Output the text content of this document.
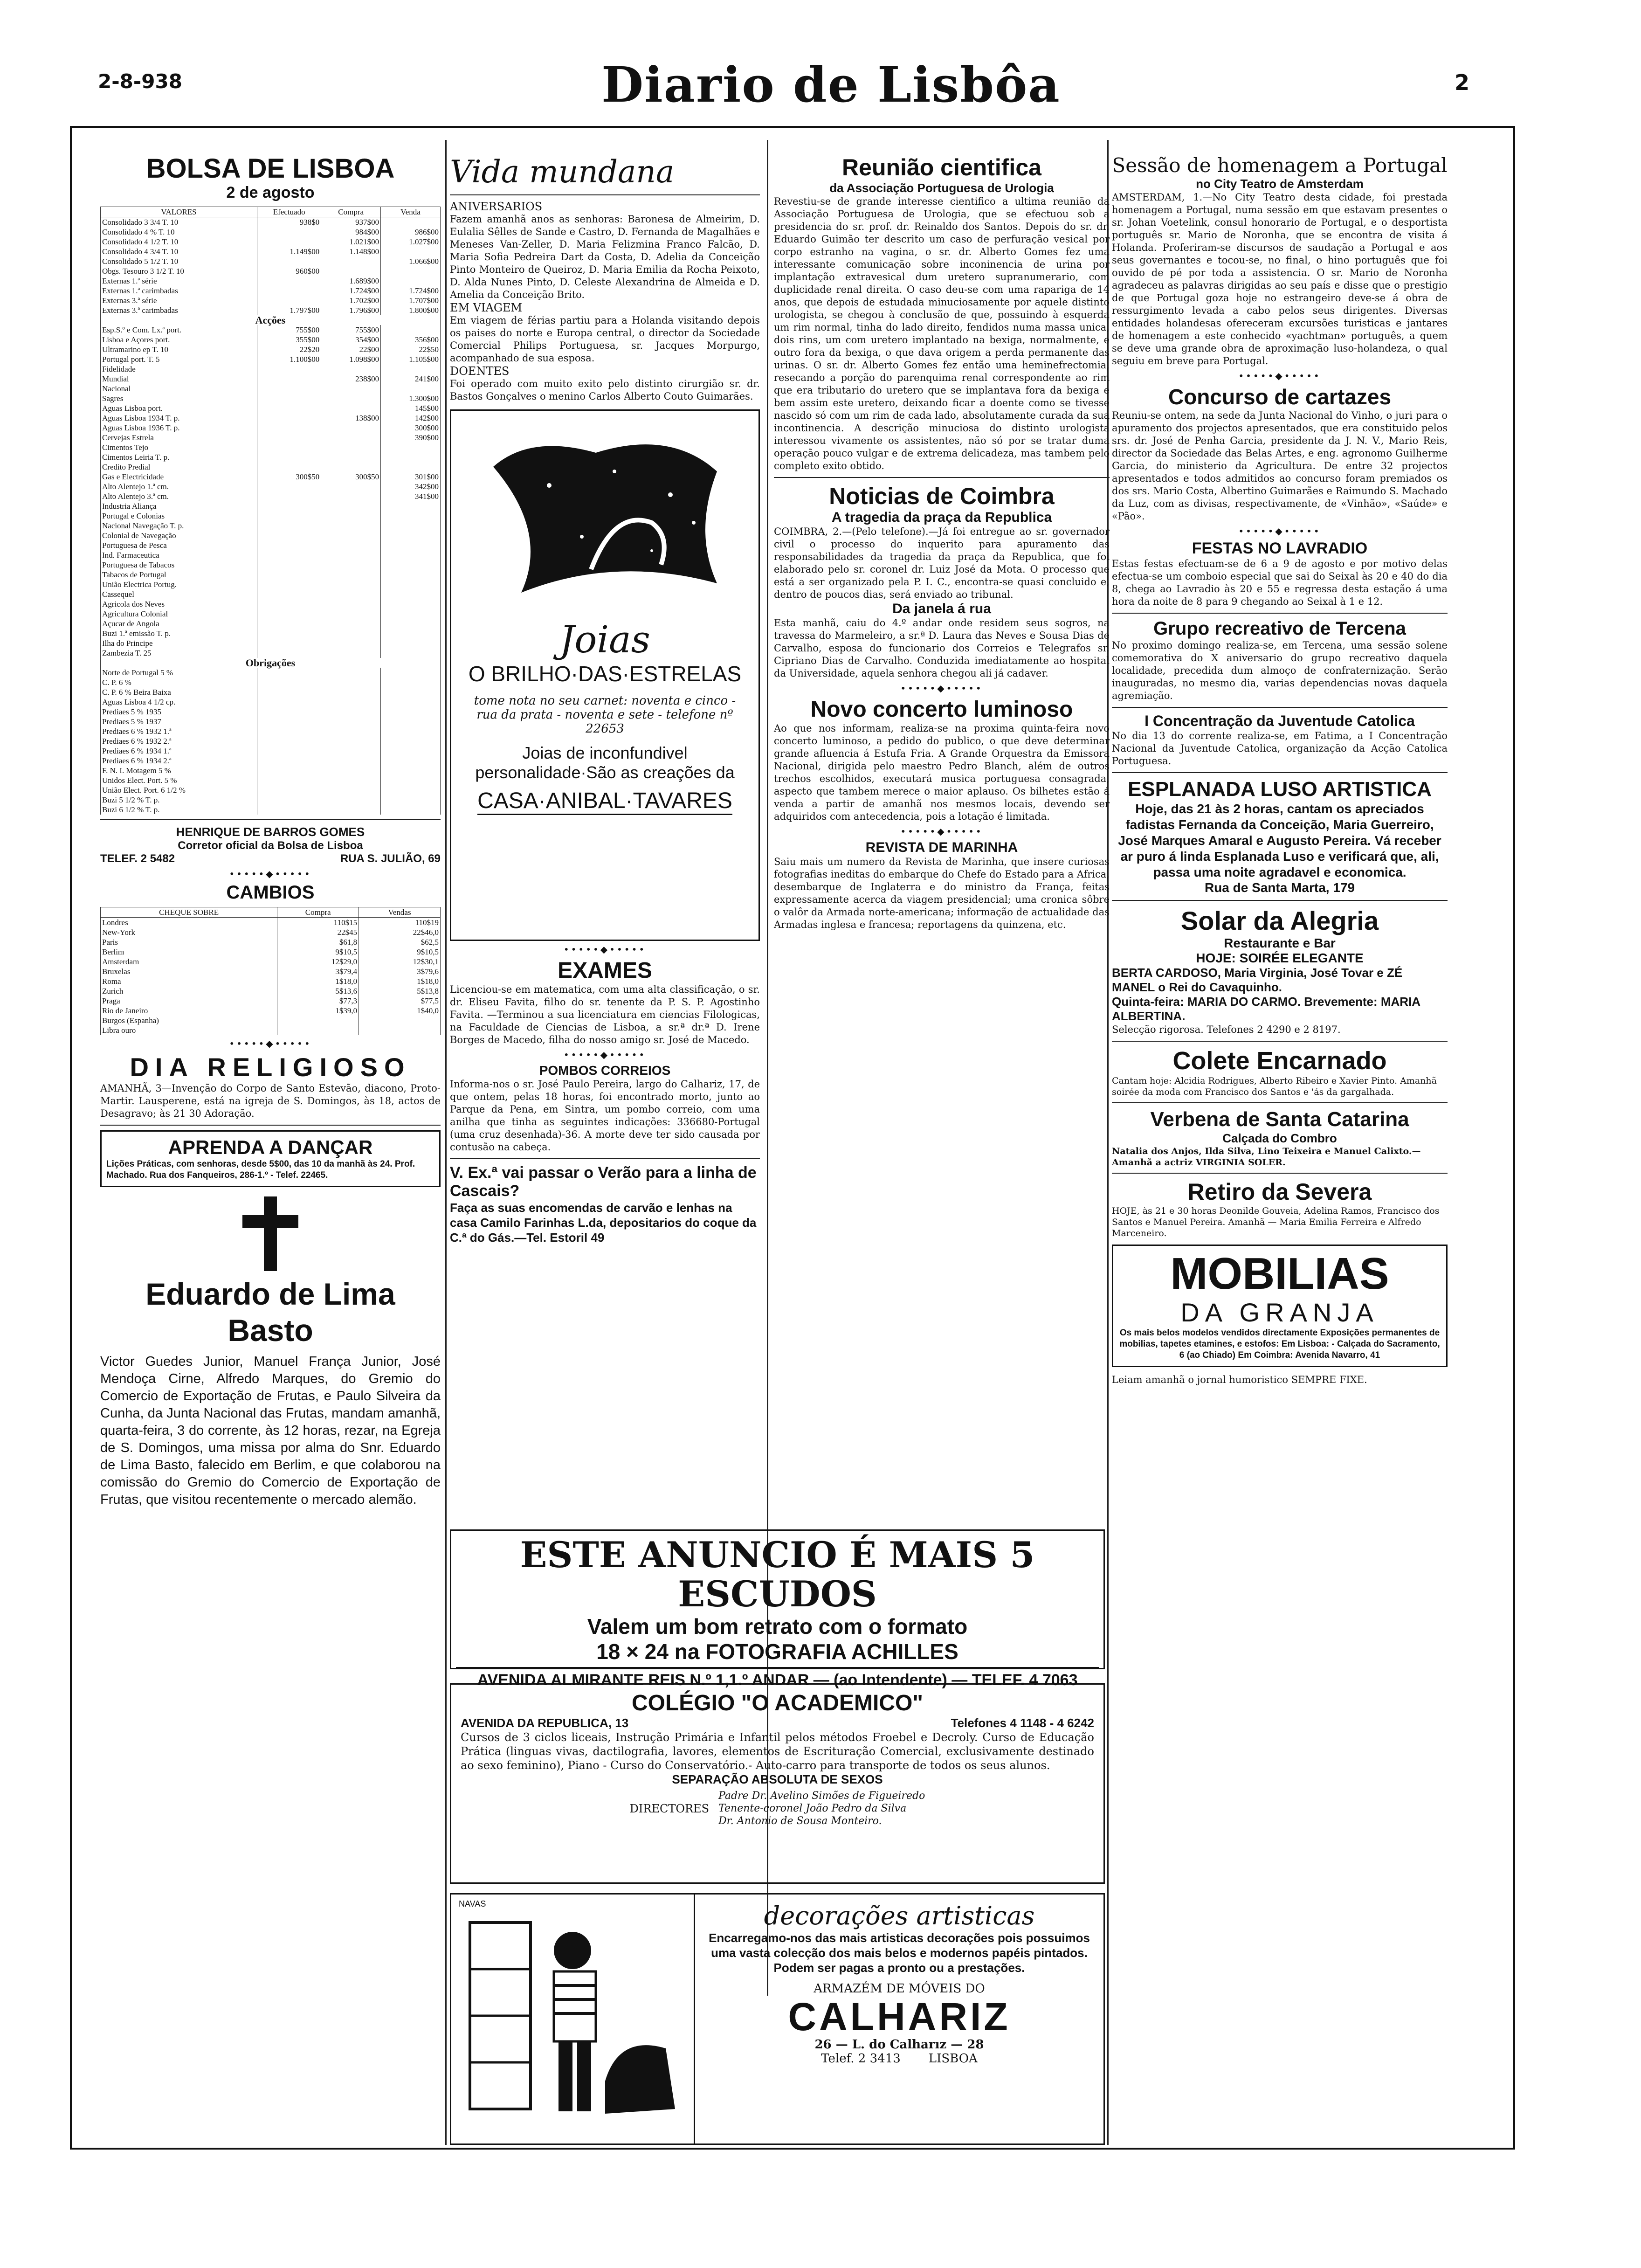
2-8-938	Diario de Lisbôa	2
BOLSA DE LISBOA
2 de agosto
VALORES	Efectuado	Compra	Venda
Consolidado 3 3/4 T. 10	938$0	937$00	
Consolidado 4 % T. 10		984$00	986$00
Consolidado 4 1/2 T. 10		1.021$00	1.027$00
Consolidado 4 3/4 T. 10	1.149$00	1.148$00	
Consolidado 5 1/2 T. 10			1.066$00
Obgs. Tesouro 3 1/2 T. 10	960$00		
Externas 1.ª série		1.689$00	
Externas 1.ª carimbadas		1.724$00	1.724$00
Externas 3.ª série		1.702$00	1.707$00
Externas 3.ª carimbadas	1.797$00	1.796$00	1.800$00
Acções			
Esp.S.º e Com. Lx.ª port.	755$00	755$00	
Lisboa e Açores port.	355$00	354$00	356$00
Ultramarino ep T. 10	22$20	22$00	22$50
Portugal port. T. 5	1.100$00	1.098$00	1.105$00
Fidelidade			
Mundial		238$00	241$00
Nacional			
Sagres			1.300$00
Aguas Lisboa port.			145$00
Aguas Lisboa 1934 T. p.		138$00	142$00
Aguas Lisboa 1936 T. p.			300$00
Cervejas Estrela			390$00
Cimentos Tejo			
Cimentos Leiria T. p.			
Credito Predial			
Gas e Electricidade	300$50	300$50	301$00
Alto Alentejo 1.ª cm.			342$00
Alto Alentejo 3.ª cm.			341$00
Industria Aliança			
Portugal e Colonias			
Nacional Navegação T. p.			
Colonial de Navegação			
Portuguesa de Pesca			
Ind. Farmaceutica			
Portuguesa de Tabacos			
Tabacos de Portugal			
União Electrica Portug.			
Cassequel			
Agricola dos Neves			
Agricultura Colonial			
Açucar de Angola			
Buzi 1.ª emissão T. p.			
Ilha do Principe			
Zambezia T. 25			
Obrigações			
Norte de Portugal 5 %			
C. P. 6 %			
C. P. 6 % Beira Baixa			
Aguas Lisboa 4 1/2 cp.			
Prediaes 5 % 1935			
Prediaes 5 % 1937			
Prediaes 6 % 1932 1.ª			
Prediaes 6 % 1932 2.ª			
Prediaes 6 % 1934 1.ª			
Prediaes 6 % 1934 2.ª			
F. N. I. Motagem 5 %			
Unidos Elect. Port. 5 %			
União Elect. Port. 6 1/2 %			
Buzi 5 1/2 % T. p.			
Buzi 6 1/2 % T. p.			
HENRIQUE DE BARROS GOMES
Corretor oficial da Bolsa de Lisboa
TELEF. 2 5482	RUA S. JULIÃO, 69
•••••◆•••••
CAMBIOS
CHEQUE SOBRE	Compra	Vendas
Londres	110$15	110$19
New-York	22$45	22$46,0
Paris	$61,8	$62,5
Berlim	9$10,5	9$10,5
Amsterdam	12$29,0	12$30,1
Bruxelas	3$79,4	3$79,6
Roma	1$18,0	1$18,0
Zurich	5$13,6	5$13,8
Praga	$77,3	$77,5
Rio de Janeiro	1$39,0	1$40,0
Burgos (Espanha)		
Libra ouro		
•••••◆•••••
DIA RELIGIOSO

AMANHÃ, 3—Invenção do Corpo de Santo Estevão, diacono, Proto-Martir. Lausperene, está na igreja de S. Domingos, às 18, actos de Desagravo; às 21 30 Adoração.

APRENDA A DANÇAR

Lições Práticas, com senhoras, desde 5$00, das 10 da manhã às 24. Prof. Machado. Rua dos Fanqueiros, 286-1.º - Telef. 22465.

Eduardo de Lima Basto

Victor Guedes Junior, Manuel França Junior, José Mendoça Cirne, Alfredo Marques, do Gremio do Comercio de Exportação de Frutas, e Paulo Silveira da Cunha, da Junta Nacional das Frutas, mandam amanhã, quarta-feira, 3 do corrente, às 12 horas, rezar, na Egreja de S. Domingos, uma missa por alma do Snr. Eduardo de Lima Basto, falecido em Berlim, e que colaborou na comissão do Gremio do Comercio de Exportação de Frutas, que visitou recentemente o mercado alemão.

Vida mundana
ANIVERSARIOS

Fazem amanhã anos as senhoras: Baronesa de Almeirim, D. Eulalia Sêlles de Sande e Castro, D. Fernanda de Magalhães e Meneses Van-Zeller, D. Maria Felizmina Franco Falcão, D. Maria Sofia Pedreira Dart da Costa, D. Adelia da Conceição Pinto Monteiro de Queiroz, D. Maria Emilia da Rocha Peixoto, D. Alda Nunes Pinto, D. Celeste Alexandrina de Almeida e D. Amelia da Conceição Brito.

EM VIAGEM

Em viagem de férias partiu para a Holanda visitando depois os paises do norte e Europa central, o director da Sociedade Comercial Philips Portuguesa, sr. Jacques Morpurgo, acompanhado de sua esposa.

DOENTES

Foi operado com muito exito pelo distinto cirurgião sr. dr. Bastos Gonçalves o menino Carlos Alberto Couto Guimarães.

Joias
O BRILHO·DAS·ESTRELAS

tome nota no seu carnet: noventa e cinco - rua da prata - noventa e sete - telefone nº 22653

Joias de inconfundivel personalidade·São as creações da

CASA·ANIBAL·TAVARES
•••••◆•••••
EXAMES

Licenciou-se em matematica, com uma alta classificação, o sr. dr. Eliseu Favita, filho do sr. tenente da P. S. P. Agostinho Favita. —Terminou a sua licenciatura em ciencias Filologicas, na Faculdade de Ciencias de Lisboa, a sr.ª dr.ª D. Irene Borges de Macedo, filha do nosso amigo sr. José de Macedo.

•••••◆•••••
POMBOS CORREIOS

Informa-nos o sr. José Paulo Pereira, largo do Calhariz, 17, de que ontem, pelas 18 horas, foi encontrado morto, junto ao Parque da Pena, em Sintra, um pombo correio, com uma anilha que tinha as seguintes indicações: 336680-Portugal (uma cruz desenhada)-36. A morte deve ter sido causada por contusão na cabeça.

V. Ex.ª vai passar o Verão para a linha de Cascais?

Faça as suas encomendas de carvão e lenhas na casa Camilo Farinhas L.da, depositarios do coque da C.ª do Gás.—Tel. Estoril 49

Reunião cientifica
da Associação Portuguesa de Urologia

Revestiu-se de grande interesse cientifico a ultima reunião da Associação Portuguesa de Urologia, que se efectuou sob a presidencia do sr. prof. dr. Reinaldo dos Santos. Depois do sr. dr. Eduardo Guimão ter descrito um caso de perfuração vesical por corpo estranho na vagina, o sr. dr. Alberto Gomes fez uma interessante comunicação sobre inconinencia de urina por implantação extravesical dum uretero supranumerario, com duplicidade renal direita. O caso deu-se com uma rapariga de 14 anos, que depois de estudada minuciosamente por aquele distinto urologista, se chegou à conclusão de que, possuindo à esquerda um rim normal, tinha do lado direito, fendidos numa massa unica, dois rins, um com uretero implantado na bexiga, normalmente, e outro fora da bexiga, o que dava origem a perda permanente das urinas. O sr. dr. Alberto Gomes fez então uma heminefrectomia, resecando a porção do parenquima renal correspondente ao rim que era tributario do uretero que se implantava fora da bexiga e bem assim este uretero, deixando ficar a doente como se tivesse nascido só com um rim de cada lado, absolutamente curada da sua incontinencia. A descrição minuciosa do distinto urologista interessou vivamente os assistentes, não só por se tratar duma operação pouco vulgar e de extrema delicadeza, mas tambem pelo completo exito obtido.

Noticias de Coimbra
A tragedia da praça da Republica

COIMBRA, 2.—(Pelo telefone).—Já foi entregue ao sr. governador civil o processo do inquerito para apuramento das responsabilidades da tragedia da praça da Republica, que foi elaborado pelo sr. coronel dr. Luiz José da Mota. O processo que está a ser organizado pela P. I. C., encontra-se quasi concluido e, dentro de poucos dias, será enviado ao tribunal.

Da janela á rua

Esta manhã, caiu do 4.º andar onde residem seus sogros, na travessa do Marmeleiro, a sr.ª D. Laura das Neves e Sousa Dias de Carvalho, esposa do funcionario dos Correios e Telegrafos sr. Cipriano Dias de Carvalho. Conduzida imediatamente ao hospital da Universidade, aquela senhora chegou ali já cadaver.

•••••◆•••••
Novo concerto luminoso

Ao que nos informam, realiza-se na proxima quinta-feira novo concerto luminoso, a pedido do publico, o que deve determinar grande afluencia á Estufa Fria. A Grande Orquestra da Emissora Nacional, dirigida pelo maestro Pedro Blanch, além de outros trechos escolhidos, executará musica portuguesa consagrada, aspecto que tambem merece o maior aplauso. Os bilhetes estão á venda a partir de amanhã nos mesmos locais, devendo ser adquiridos com antecedencia, pois a lotação é limitada.

•••••◆•••••
REVISTA DE MARINHA

Saiu mais um numero da Revista de Marinha, que insere curiosas fotografias ineditas do embarque do Chefe do Estado para a Africa, desembarque de Inglaterra e do ministro da França, feitas expressamente acerca da viagem presidencial; uma cronica sôbre o valôr da Armada norte-americana; informação de actualidade das Armadas inglesa e francesa; reportagens da quinzena, etc.

Sessão de homenagem a Portugal
no City Teatro de Amsterdam

AMSTERDAM, 1.—No City Teatro desta cidade, foi prestada homenagem a Portugal, numa sessão em que estavam presentes o sr. Johan Voetelink, consul honorario de Portugal, e o desportista português sr. Mario de Noronha, que se encontra de visita á Holanda. Proferiram-se discursos de saudação a Portugal e aos seus governantes e tocou-se, no final, o hino português que foi ouvido de pé por toda a assistencia. O sr. Mario de Noronha agradeceu as palavras dirigidas ao seu país e disse que o prestigio de que Portugal goza hoje no estrangeiro deve-se á obra de ressurgimento levada a cabo pelos seus dirigentes. Diversas entidades holandesas ofereceram excursões turisticas e jantares de homenagem a este conhecido «yachtman» português, a quem se deve uma grande obra de aproximação luso-holandeza, o qual seguiu em breve para Portugal.

•••••◆•••••
Concurso de cartazes

Reuniu-se ontem, na sede da Junta Nacional do Vinho, o juri para o apuramento dos projectos apresentados, que era constituido pelos srs. dr. José de Penha Garcia, presidente da J. N. V., Mario Reis, director da Sociedade das Belas Artes, e eng. agronomo Guilherme Garcia, do ministerio da Agricultura. De entre 32 projectos apresentados e todos admitidos ao concurso foram premiados os dos srs. Mario Costa, Albertino Guimarães e Raimundo S. Machado da Luz, com as divisas, respectivamente, de «Vinhão», «Saúde» e «Pão».

•••••◆•••••
FESTAS NO LAVRADIO

Estas festas efectuam-se de 6 a 9 de agosto e por motivo delas efectua-se um comboio especial que sai do Seixal às 20 e 40 do dia 8, chega ao Lavradio às 20 e 55 e regressa desta estação á uma hora da noite de 8 para 9 chegando ao Seixal à 1 e 12.

Grupo recreativo de Tercena

No proximo domingo realiza-se, em Tercena, uma sessão solene comemorativa do X aniversario do grupo recreativo daquela localidade, precedida dum almoço de confraternização. Serão inauguradas, no mesmo dia, varias dependencias novas daquela agremiação.

I Concentração da Juventude Catolica

No dia 13 do corrente realiza-se, em Fatima, a I Concentração Nacional da Juventude Catolica, organização da Acção Catolica Portuguesa.

ESPLANADA LUSO ARTISTICA

Hoje, das 21 às 2 horas, cantam os apreciados fadistas Fernanda da Conceição, Maria Guerreiro, José Marques Amaral e Augusto Pereira. Vá receber ar puro á linda Esplanada Luso e verificará que, ali, passa uma noite agradavel e economica.

Rua de Santa Marta, 179
Solar da Alegria
Restaurante e Bar
HOJE: SOIRÉE ELEGANTE

BERTA CARDOSO, Maria Virginia, José Tovar e ZÉ MANEL o Rei do Cavaquinho.

Quinta-feira: MARIA DO CARMO. Brevemente: MARIA ALBERTINA.

Selecção rigorosa. Telefones 2 4290 e 2 8197.

Colete Encarnado

Cantam hoje: Alcidia Rodrigues, Alberto Ribeiro e Xavier Pinto. Amanhã soirée da moda com Francisco dos Santos e 'ás da gargalhada.

Verbena de Santa Catarina
Calçada do Combro

Natalia dos Anjos, Ilda Silva, Lino Teixeira e Manuel Calixto.—Amanhã a actriz VIRGINIA SOLER.

Retiro da Severa

HOJE, às 21 e 30 horas Deonilde Gouveia, Adelina Ramos, Francisco dos Santos e Manuel Pereira. Amanhã — Maria Emilia Ferreira e Alfredo Marceneiro.

MOBILIAS
DA GRANJA

Os mais belos modelos vendidos directamente Exposições permanentes de mobilias, tapetes etamines, e estofos: Em Lisboa: - Calçada do Sacramento, 6 (ao Chiado) Em Coimbra: Avenida Navarro, 41

Leiam amanhã o jornal humoristico SEMPRE FIXE.

ESTE ANUNCIO É MAIS 5 ESCUDOS
Valem um bom retrato com o formato
18 × 24 na FOTOGRAFIA ACHILLES
AVENIDA ALMIRANTE REIS N.º 1,1.º ANDAR — (ao Intendente) — TELEF. 4 7063
COLÉGIO "O ACADEMICO"
AVENIDA DA REPUBLICA, 13	Telefones 4 1148 - 4 6242

Cursos de 3 ciclos liceais, Instrução Primária e Infantil pelos métodos Froebel e Decroly. Curso de Educação Prática (linguas vivas, dactilografia, lavores, elementos de Escrituração Comercial, exclusivamente destinado ao sexo feminino), Piano - Curso do Conservatório.- Auto-carro para transporte de todos os seus alunos.

SEPARAÇÃO ABSOLUTA DE SEXOS
DIRECTORES
Padre Dr. Avelino Simões de Figueiredo
Tenente-coronel João Pedro da Silva
Dr. Antonio de Sousa Monteiro.
NAVAS	decorações artisticas

Encarregamo-nos das mais artisticas decorações pois possuimos uma vasta colecção dos mais belos e modernos papéis pintados. Podem ser pagas a pronto ou a prestações.

ARMAZÉM DE MÓVEIS DO
CALHARIZ
26 — L. do Calharız — 28
Telef. 2 3413 LISBOA
